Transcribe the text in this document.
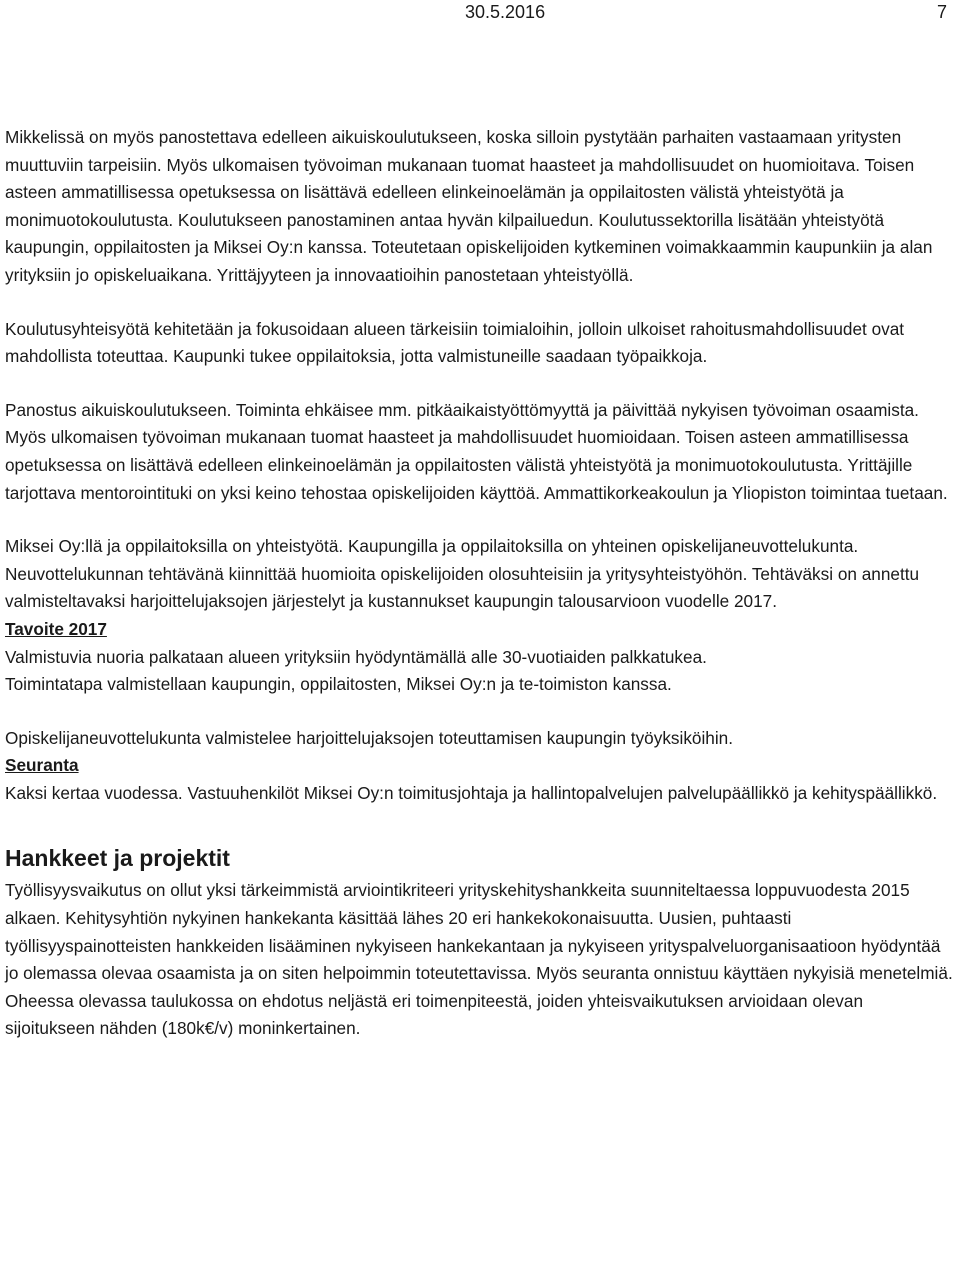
30.5.2016	7

Mikkelissä on myös panostettava edelleen aikuiskoulutukseen, koska silloin pystytään parhaiten vastaamaan yritysten muuttuviin tarpeisiin. Myös ulkomaisen työvoiman mukanaan tuomat haasteet ja mahdollisuudet on huomioitava. Toisen asteen ammatillisessa opetuksessa on lisättävä edelleen elinkeinoelämän ja oppilaitosten välistä yhteistyötä ja monimuotokoulutusta. Koulutukseen panostaminen antaa hyvän kilpailuedun. Koulutussektorilla lisätään yhteistyötä kaupungin, oppilaitosten ja Miksei Oy:n kanssa. Toteutetaan opiskelijoiden kytkeminen voimakkaammin kaupunkiin ja alan yrityksiin jo opiskeluaikana. Yrittäjyyteen ja innovaatioihin panostetaan yhteistyöllä.

Koulutusyhteisyötä kehitetään ja fokusoidaan alueen tärkeisiin toimialoihin, jolloin ulkoiset rahoitusmahdollisuudet ovat mahdollista toteuttaa. Kaupunki tukee oppilaitoksia, jotta valmistuneille saadaan työpaikkoja.

Panostus aikuiskoulutukseen. Toiminta ehkäisee mm. pitkäaikaistyöttömyyttä ja päivittää nykyisen työvoiman osaamista. Myös ulkomaisen työvoiman mukanaan tuomat haasteet ja mahdollisuudet huomioidaan. Toisen asteen ammatillisessa opetuksessa on lisättävä edelleen elinkeinoelämän ja oppilaitosten välistä yhteistyötä ja monimuotokoulutusta. Yrittäjille tarjottava mentorointituki on yksi keino tehostaa opiskelijoiden käyttöä. Ammattikorkeakoulun ja Yliopiston toimintaa tuetaan.

Miksei Oy:llä ja oppilaitoksilla on yhteistyötä. Kaupungilla ja oppilaitoksilla on yhteinen opiskelijaneuvottelukunta. Neuvottelukunnan tehtävänä kiinnittää huomioita opiskelijoiden olosuhteisiin ja yritysyhteistyöhön. Tehtäväksi on annettu valmisteltavaksi harjoittelujaksojen järjestelyt ja kustannukset kaupungin talousarvioon vuodelle 2017.

Tavoite 2017

Valmistuvia nuoria palkataan alueen yrityksiin hyödyntämällä alle 30-vuotiaiden palkkatukea.

Toimintatapa valmistellaan kaupungin, oppilaitosten, Miksei Oy:n ja te-toimiston kanssa.

Opiskelijaneuvottelukunta valmistelee harjoittelujaksojen toteuttamisen kaupungin työyksiköihin.

Seuranta

Kaksi kertaa vuodessa. Vastuuhenkilöt Miksei Oy:n toimitusjohtaja ja hallintopalvelujen palvelupäällikkö ja kehityspäällikkö.

Hankkeet ja projektit

Työllisyysvaikutus on ollut yksi tärkeimmistä arviointikriteeri yrityskehityshankkeita suunniteltaessa loppuvuodesta 2015 alkaen. Kehitysyhtiön nykyinen hankekanta käsittää lähes 20 eri hankekokonaisuutta. Uusien, puhtaasti työllisyyspainotteisten hankkeiden lisääminen nykyiseen hankekantaan ja nykyiseen yrityspalveluorganisaatioon hyödyntää jo olemassa olevaa osaamista ja on siten helpoimmin toteutettavissa. Myös seuranta onnistuu käyttäen nykyisiä menetelmiä. Oheessa olevassa taulukossa on ehdotus neljästä eri toimenpiteestä, joiden yhteisvaikutuksen arvioidaan olevan sijoitukseen nähden (180k€/v) moninkertainen.
